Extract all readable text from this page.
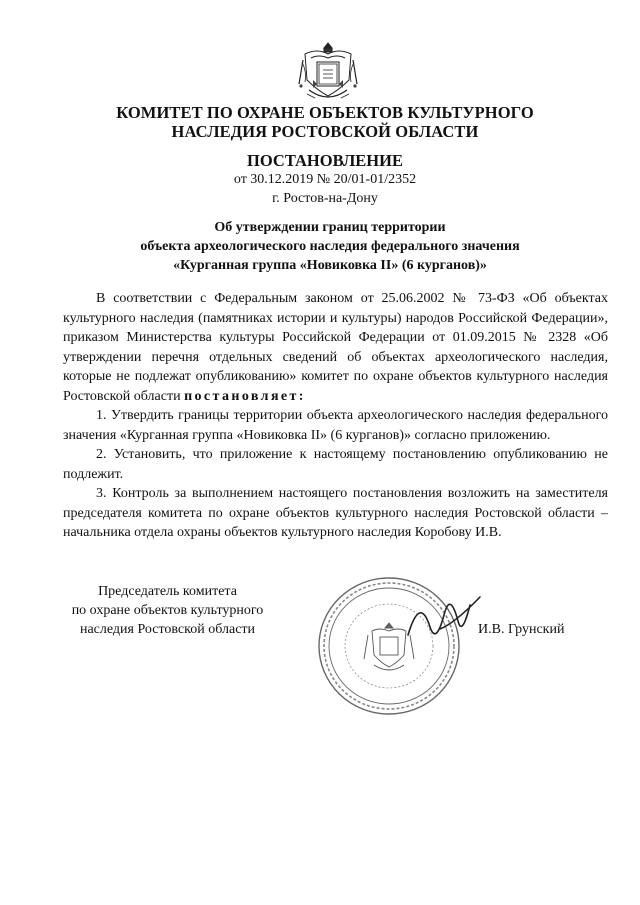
КОМИТЕТ ПО ОХРАНЕ ОБЪЕКТОВ КУЛЬТУРНОГО
НАСЛЕДИЯ РОСТОВСКОЙ ОБЛАСТИ
ПОСТАНОВЛЕНИЕ
от 30.12.2019 № 20/01-01/2352
г. Ростов-на-Дону
Об утверждении границ территории
объекта археологического наследия федерального значения
«Курганная группа «Новиковка II» (6 курганов)»

В соответствии с Федеральным законом от 25.06.2002 № 73-ФЗ «Об объектах культурного наследия (памятниках истории и культуры) народов Российской Федерации», приказом Министерства культуры Российской Федерации от 01.09.2015 № 2328 «Об утверждении перечня отдельных сведений об объектах археологического наследия, которые не подлежат опубликованию» комитет по охране объектов культурного наследия Ростовской области постановляет:

1. Утвердить границы территории объекта археологического наследия федерального значения «Курганная группа «Новиковка II» (6 курганов)» согласно приложению.

2. Установить, что приложение к настоящему постановлению опубликованию не подлежит.

3. Контроль за выполнением настоящего постановления возложить на заместителя председателя комитета по охране объектов культурного наследия Ростовской области – начальника отдела охраны объектов культурного наследия Коробову И.В.

Председатель комитета
по охране объектов культурного
наследия Ростовской области	И.В. Грунский
